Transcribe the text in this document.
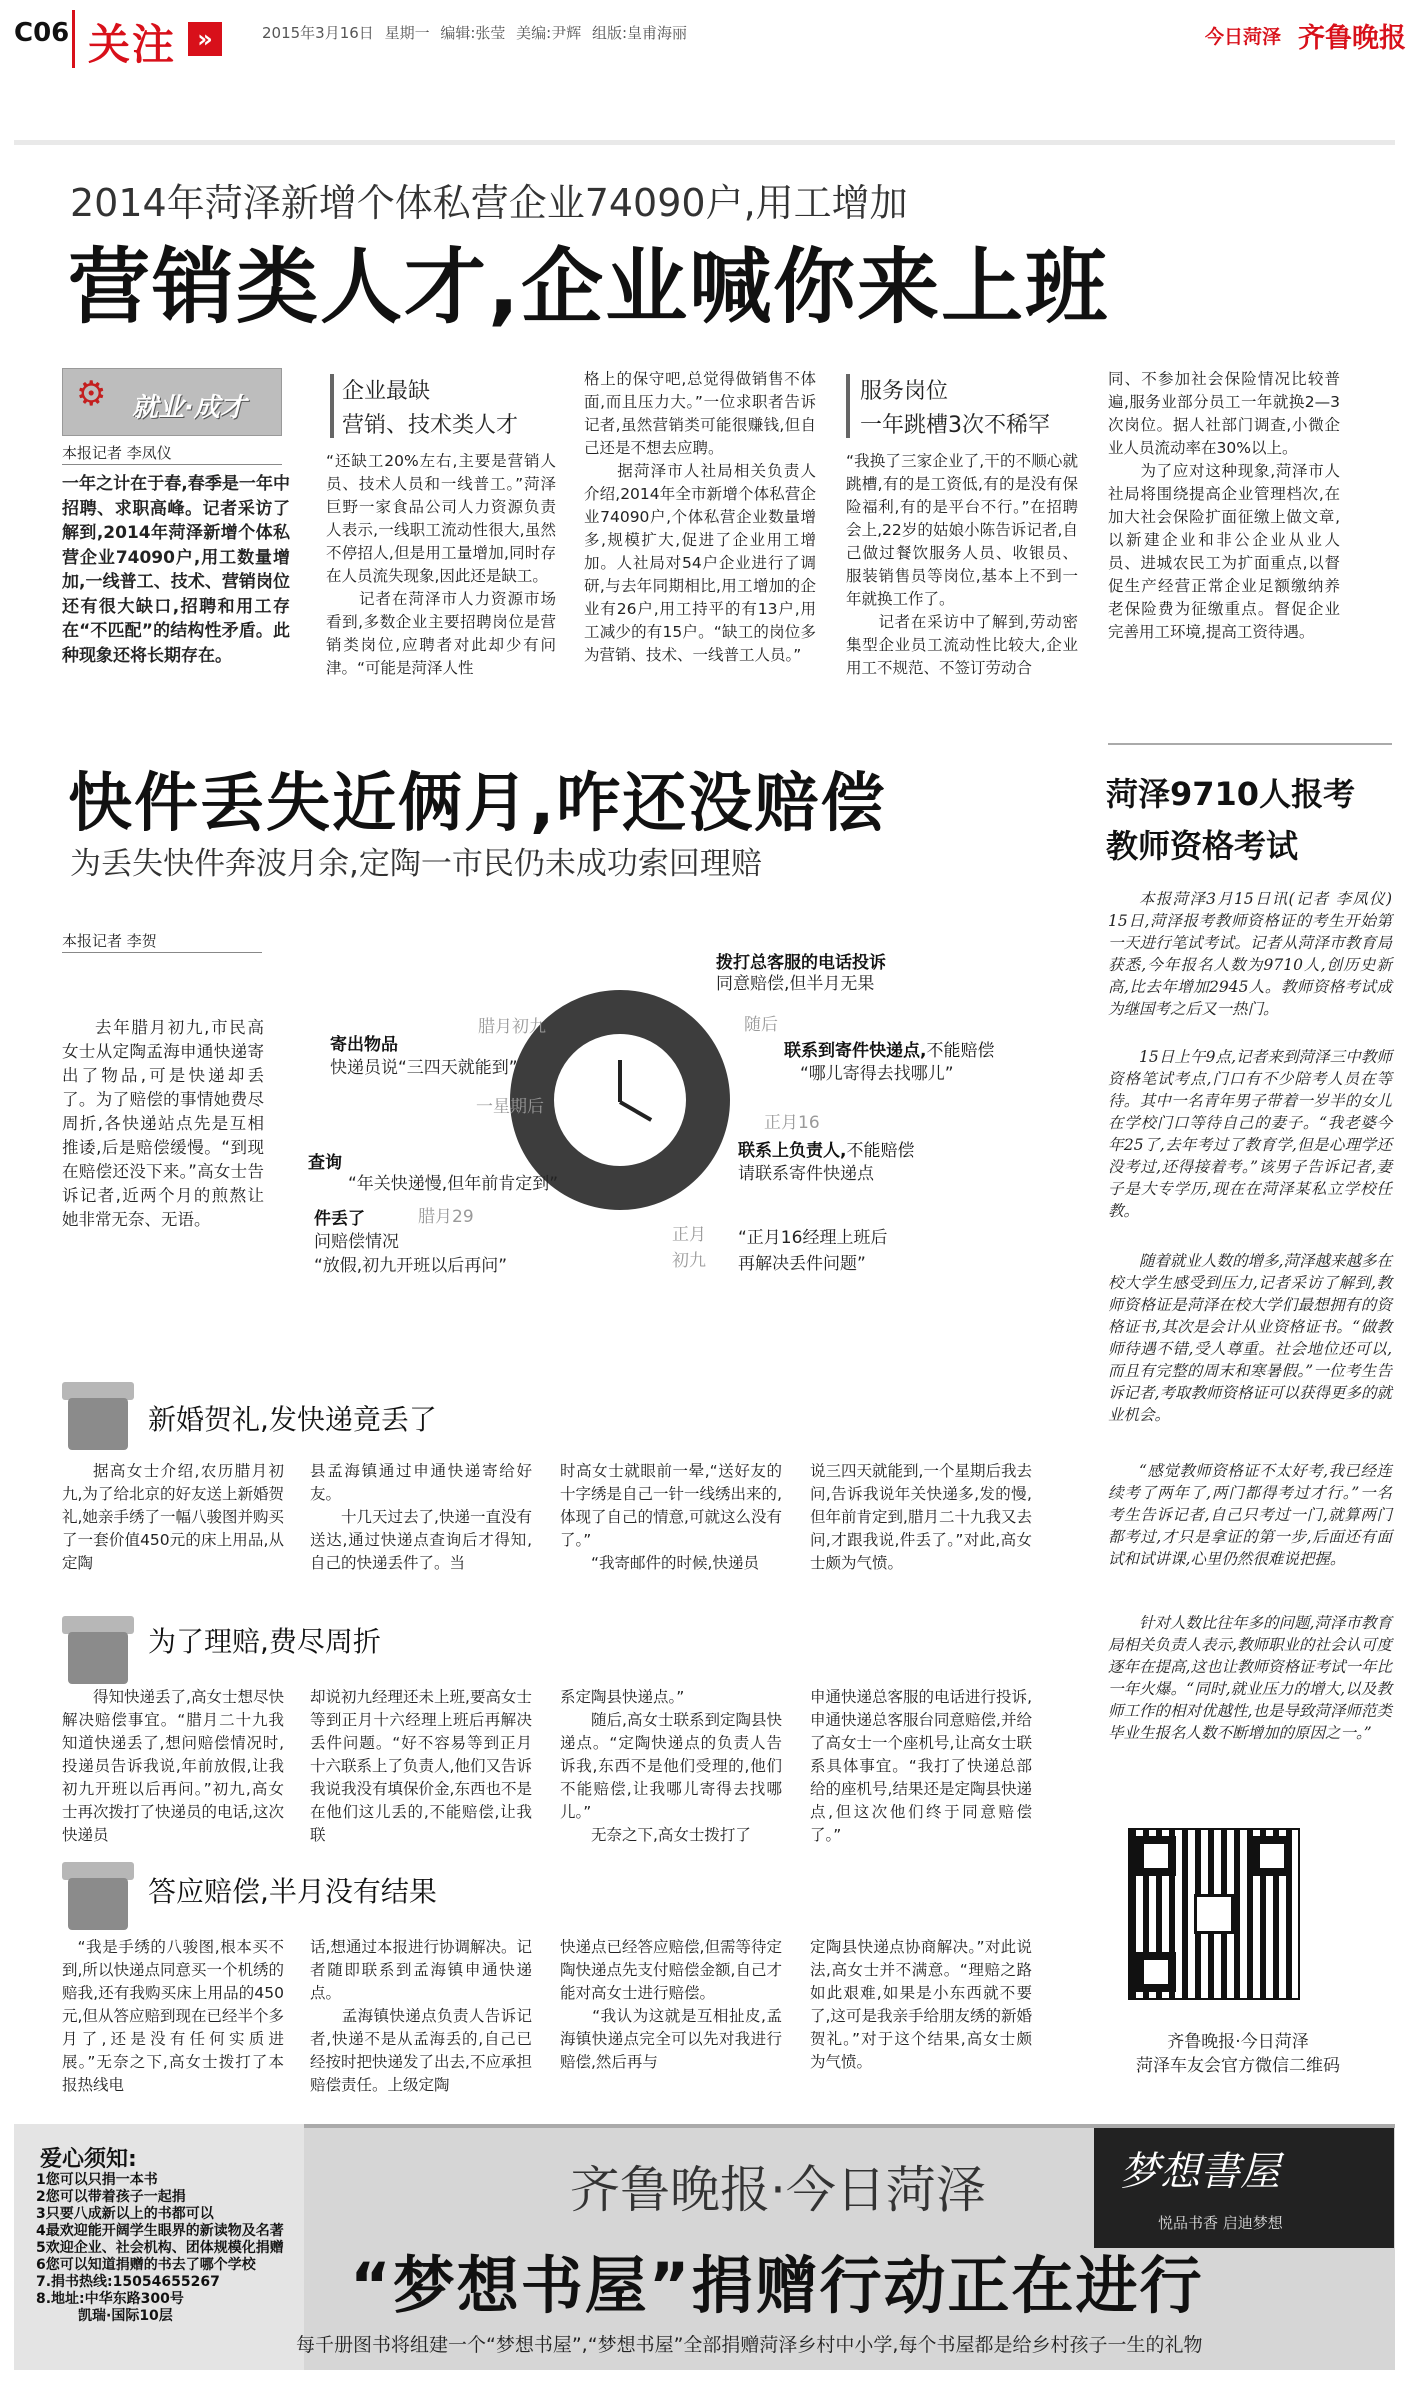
C06 关注 »	2015年3月16日 星期一 编辑:张莹 美编:尹辉 组版:皇甫海丽	今日菏泽 齐鲁晚报
2014年菏泽新增个体私营企业74090户,用工增加
营销类人才,企业喊你来上班
⚙ 就业·成才
本报记者 李凤仪
一年之计在于春,春季是一年中招聘、求职高峰。记者采访了解到,2014年菏泽新增个体私营企业74090户,用工数量增加,一线普工、技术、营销岗位还有很大缺口,招聘和用工存在“不匹配”的结构性矛盾。此种现象还将长期存在。
企业最缺
营销、技术类人才
“还缺工20%左右,主要是营销人员、技术人员和一线普工。”菏泽巨野一家食品公司人力资源负责人表示,一线职工流动性很大,虽然不停招人,但是用工量增加,同时存在人员流失现象,因此还是缺工。
　　记者在菏泽市人力资源市场看到,多数企业主要招聘岗位是营销类岗位,应聘者对此却少有问津。“可能是菏泽人性
格上的保守吧,总觉得做销售不体面,而且压力大。”一位求职者告诉记者,虽然营销类可能很赚钱,但自己还是不想去应聘。
　　据菏泽市人社局相关负责人介绍,2014年全市新增个体私营企业74090户,个体私营企业数量增多,规模扩大,促进了企业用工增加。人社局对54户企业进行了调研,与去年同期相比,用工增加的企业有26户,用工持平的有13户,用工减少的有15户。“缺工的岗位多为营销、技术、一线普工人员。”
服务岗位
一年跳槽3次不稀罕
“我换了三家企业了,干的不顺心就跳槽,有的是工资低,有的是没有保险福利,有的是平台不行。”在招聘会上,22岁的姑娘小陈告诉记者,自己做过餐饮服务人员、收银员、服装销售员等岗位,基本上不到一年就换工作了。
　　记者在采访中了解到,劳动密集型企业员工流动性比较大,企业用工不规范、不签订劳动合
同、不参加社会保险情况比较普遍,服务业部分员工一年就换2—3次岗位。据人社部门调查,小微企业人员流动率在30%以上。
　　为了应对这种现象,菏泽市人社局将围绕提高企业管理档次,在加大社会保险扩面征缴上做文章,以新建企业和非公企业从业人员、进城农民工为扩面重点,以督促生产经营正常企业足额缴纳养老保险费为征缴重点。督促企业完善用工环境,提高工资待遇。
菏泽9710人报考
教师资格考试
本报菏泽3月15日讯(记者 李凤仪) 15日,菏泽报考教师资格证的考生开始第一天进行笔试考试。记者从菏泽市教育局获悉,今年报名人数为9710人,创历史新高,比去年增加2945人。教师资格考试成为继国考之后又一热门。
15日上午9点,记者来到菏泽三中教师资格笔试考点,门口有不少陪考人员在等待。其中一名青年男子带着一岁半的女儿在学校门口等待自己的妻子。“我老婆今年25了,去年考过了教育学,但是心理学还没考过,还得接着考。”该男子告诉记者,妻子是大专学历,现在在菏泽某私立学校任教。
随着就业人数的增多,菏泽越来越多在校大学生感受到压力,记者采访了解到,教师资格证是菏泽在校大学们最想拥有的资格证书,其次是会计从业资格证书。“做教师待遇不错,受人尊重。社会地位还可以,而且有完整的周末和寒暑假。”一位考生告诉记者,考取教师资格证可以获得更多的就业机会。
“感觉教师资格证不太好考,我已经连续考了两年了,两门都得考过才行。”一名考生告诉记者,自己只考过一门,就算两门都考过,才只是拿证的第一步,后面还有面试和试讲课,心里仍然很难说把握。
针对人数比往年多的问题,菏泽市教育局相关负责人表示,教师职业的社会认可度逐年在提高,这也让教师资格证考试一年比一年火爆。“同时,就业压力的增大,以及教师工作的相对优越性,也是导致菏泽师范类毕业生报名人数不断增加的原因之一。”
齐鲁晚报·今日菏泽
菏泽车友会官方微信二维码
快件丢失近俩月,咋还没赔偿
为丢失快件奔波月余,定陶一市民仍未成功索回理赔
本报记者 李贺
去年腊月初九,市民高女士从定陶孟海申通快递寄出了物品,可是快递却丢了。为了赔偿的事情她费尽周折,各快递站点先是互相推诿,后是赔偿缓慢。“到现在赔偿还没下来。”高女士告诉记者,近两个月的煎熬让她非常无奈、无语。
拨打总客服的电话投诉
同意赔偿,但半月无果
随后
联系到寄件快递点,不能赔偿
“哪儿寄得去找哪儿”
正月16
联系上负责人,不能赔偿
请联系寄件快递点
正月
初九
“正月16经理上班后
再解决丢件问题”
寄出物品
快递员说“三四天就能到”
腊月初九
查询
“年关快递慢,但年前肯定到”
一星期后
件丢了
问赔偿情况
“放假,初九开班以后再问”
腊月29
新婚贺礼,发快递竟丢了
据高女士介绍,农历腊月初九,为了给北京的好友送上新婚贺礼,她亲手绣了一幅八骏图并购买了一套价值450元的床上用品,从定陶
县孟海镇通过申通快递寄给好友。
　　十几天过去了,快递一直没有送达,通过快递点查询后才得知,自己的快递丢件了。当
时高女士就眼前一晕,“送好友的十字绣是自己一针一线绣出来的,体现了自己的情意,可就这么没有了。”
　　“我寄邮件的时候,快递员
说三四天就能到,一个星期后我去问,告诉我说年关快递多,发的慢,但年前肯定到,腊月二十九我又去问,才跟我说,件丢了。”对此,高女士颇为气愤。
为了理赔,费尽周折
得知快递丢了,高女士想尽快解决赔偿事宜。“腊月二十九我知道快递丢了,想问赔偿情况时,投递员告诉我说,年前放假,让我初九开班以后再问。”初九,高女士再次拨打了快递员的电话,这次快递员
却说初九经理还未上班,要高女士等到正月十六经理上班后再解决丢件问题。“好不容易等到正月十六联系上了负责人,他们又告诉我说我没有填保价金,东西也不是在他们这儿丢的,不能赔偿,让我联
系定陶县快递点。”
　　随后,高女士联系到定陶县快递点。“定陶快递点的负责人告诉我,东西不是他们受理的,他们不能赔偿,让我哪儿寄得去找哪儿。”
　　无奈之下,高女士拨打了
申通快递总客服的电话进行投诉,申通快递总客服台同意赔偿,并给了高女士一个座机号,让高女士联系具体事宜。“我打了快递总部给的座机号,结果还是定陶县快递点,但这次他们终于同意赔偿了。”
答应赔偿,半月没有结果
“我是手绣的八骏图,根本买不到,所以快递点同意买一个机绣的赔我,还有我购买床上用品的450元,但从答应赔到现在已经半个多月了,还是没有任何实质进展。”无奈之下,高女士拨打了本报热线电
话,想通过本报进行协调解决。记者随即联系到孟海镇申通快递点。
　　孟海镇快递点负责人告诉记者,快递不是从孟海丢的,自己已经按时把快递发了出去,不应承担赔偿责任。上级定陶
快递点已经答应赔偿,但需等待定陶快递点先支付赔偿金额,自己才能对高女士进行赔偿。
　　“我认为这就是互相扯皮,孟海镇快递点完全可以先对我进行赔偿,然后再与
定陶县快递点协商解决。”对此说法,高女士并不满意。“理赔之路如此艰难,如果是小东西就不要了,这可是我亲手给朋友绣的新婚贺礼。”对于这个结果,高女士颇为气愤。
爱心须知:
1您可以只捐一本书
2您可以带着孩子一起捐
3只要八成新以上的书都可以
4最欢迎能开阔学生眼界的新读物及名著
5欢迎企业、社会机构、团体规模化捐赠
6您可以知道捐赠的书去了哪个学校
7.捐书热线:15054655267
8.地址:中华东路300号
　　　凯瑞·国际10层
齐鲁晚报·今日菏泽
“梦想书屋”捐赠行动正在进行
每千册图书将组建一个“梦想书屋”,“梦想书屋”全部捐赠菏泽乡村中小学,每个书屋都是给乡村孩子一生的礼物
梦想書屋
悦品书香 启迪梦想
